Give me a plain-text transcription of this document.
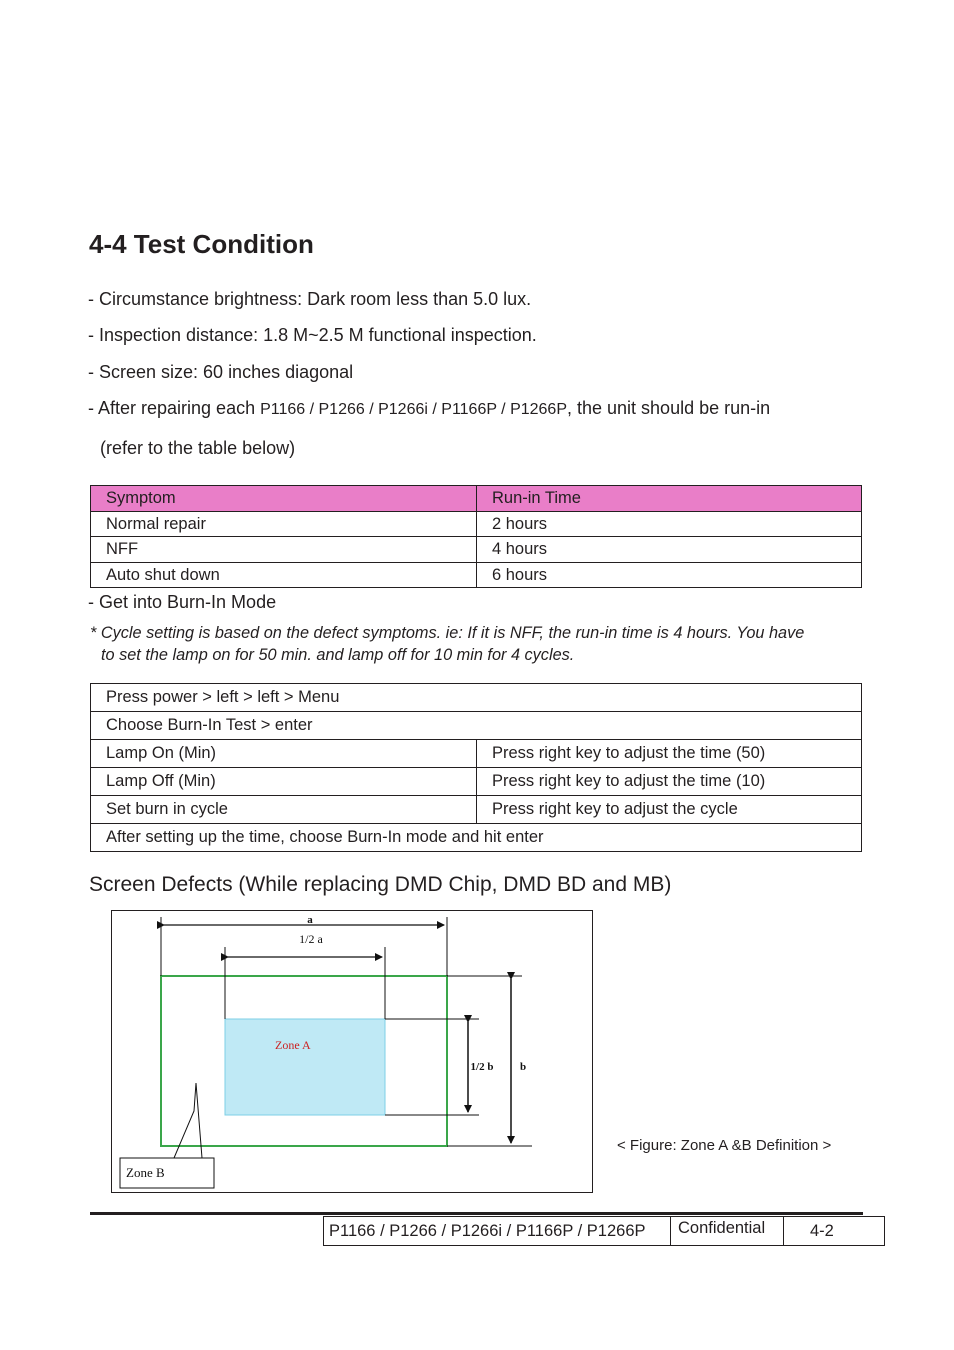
4-4 Test Condition
- Circumstance brightness: Dark room less than 5.0 lux.
- Inspection distance: 1.8 M~2.5 M functional inspection.
- Screen size: 60 inches diagonal
- After repairing each P1166 / P1266 / P1266i / P1166P / P1266P, the unit should be run-in
(refer to the table below)
Symptom	Run-in Time
Normal repair	2 hours
NFF	4 hours
Auto shut down	6 hours
- Get into Burn-In Mode
* Cycle setting is based on the defect symptoms. ie: If it is NFF, the run-in time is 4 hours. You have
to set the lamp on for 50 min. and lamp off for 10 min for 4 cycles.
Press power > left > left > Menu	
Choose Burn-In Test > enter	
Lamp On (Min)	Press right key to adjust the time (50)
Lamp Off (Min)	Press right key to adjust the time (10)
Set burn in cycle	Press right key to adjust the cycle
After setting up the time, choose Burn-In mode and hit enter	
Screen Defects (While replacing DMD Chip, DMD BD and MB)
Zone A
a
1/2 a
b
1/2 b
Zone B
< Figure: Zone A &B Definition >
P1166 / P1266 / P1266i / P1166P / P1266P	Confidential	4-2
